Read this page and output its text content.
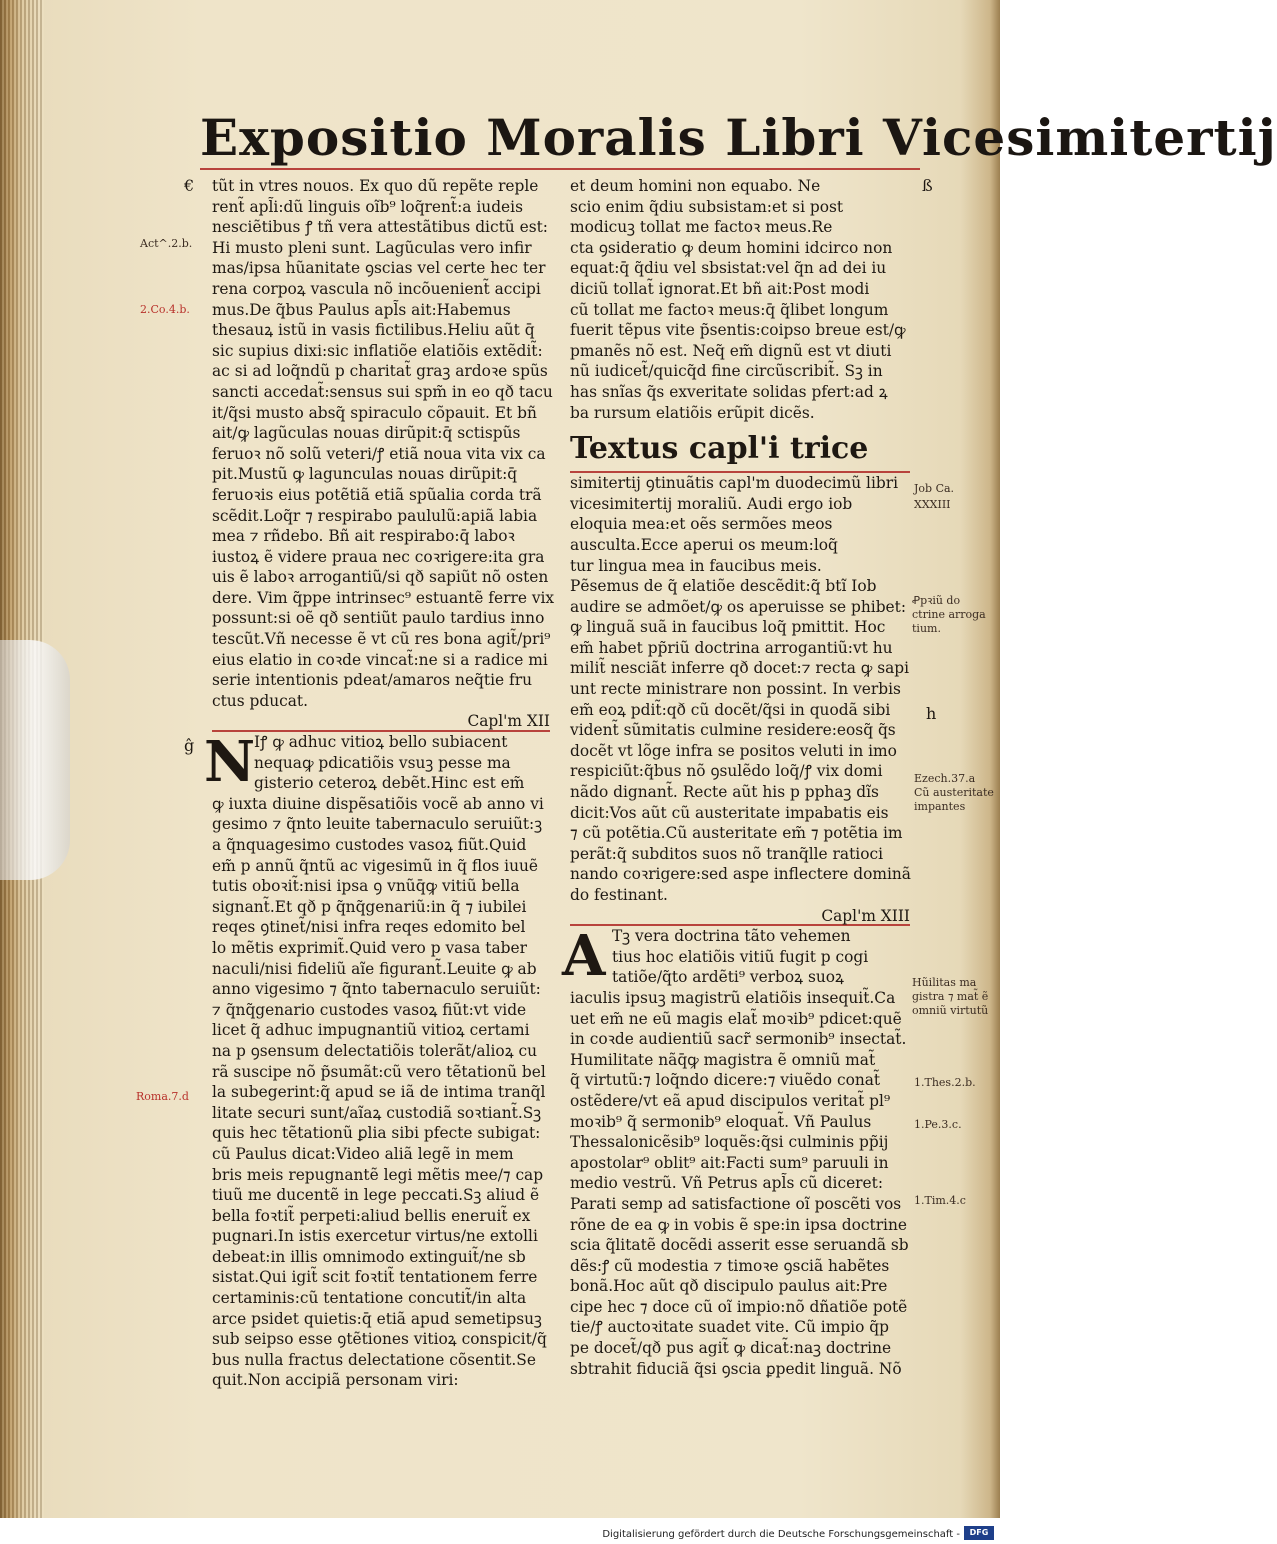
Expositio Moralis Libri Vicesimitertij
tũt in vtres nouos. Ex quo dũ repẽte reple
rent̃ apl̃i:dũ linguis oĩb⁹ loq̃rent̃:a iudeis
nesciẽtibus ꝭ tñ vera attestãtibus dictũ est:
Hi musto pleni sunt. Lagũculas vero infir
mas/ipsa hũanitate ꝯscias vel certe hec ter
rena corpoꝝ vascula nõ incõuenient̃ accipi
mus.De q̃bus Paulus apl̃s ait:Habemus
thesauꝝ istũ in vasis fictilibus.Heliu aũt q̄
sic supius dixi:sic inflatiõe elatiõis extẽdit̃:
ac si ad loq̃ndũ p charitat̃ graꝫ ardoꝛe spũs
sancti accedat̃:sensus sui spm̃ in eo qð tacu
it/q̃si musto absq̃ spiraculo cõpauit. Et bñ
ait/ꝙ lagũculas nouas dirũpit:q̄ sctispũs
feruoꝛ nõ solũ veteri/ꝭ etiã noua vita vix ca
pit.Mustũ ꝙ lagunculas nouas dirũpit:q̄
feruoꝛis eius potẽtiã etiã spũalia corda trã
scẽdit.Loq̃r ⁊ respirabo paululũ:apiã labia
mea ⁊ rñdebo. Bñ ait respirabo:q̄ laboꝛ
iustoꝝ ẽ videre praua nec coꝛrigere:ita gra
uis ẽ laboꝛ arrogantiũ/si qð sapiũt nõ osten
dere. Vim q̃ppe intrinsec⁹ estuantẽ ferre vix
possunt:si oẽ qð sentiũt paulo tardius inno
tescũt.Vñ necesse ẽ vt cũ res bona agit̃/pri⁹
eius elatio in coꝛde vincat̃:ne si a radice mi
serie intentionis pdeat/amaros neq̃tie fru
ctus pducat.
Capl'm XII
N
Iꝭ ꝙ adhuc vitioꝝ bello subiacent
nequaꝙ pdicatiõis vsuꝫ pesse ma
gisterio ceteroꝝ debẽt.Hinc est em̃
ꝙ iuxta diuine dispẽsatiõis vocẽ ab anno vi
gesimo ⁊ q̃nto leuite tabernaculo seruiũt:ꝫ
a q̃nquagesimo custodes vasoꝝ fiũt.Quid
em̃ p annũ q̃ntũ ac vigesimũ in q̃ flos iuuẽ
tutis oboꝛit̃:nisi ipsa ꝯ vnũq̄ꝙ vitiũ bella
signant̃.Et qð p q̃nq̃genariũ:in q̃ ⁊ iubilei
reqes ꝯtinet̃/nisi infra reqes edomito bel
lo mẽtis exprimit̃.Quid vero p vasa taber
naculi/nisi fideliũ aĩe figurant̃.Leuite ꝙ ab
anno vigesimo ⁊ q̃nto tabernaculo seruiũt:
⁊ q̃nq̃genario custodes vasoꝝ fiũt:vt vide
licet q̃ adhuc impugnantiũ vitioꝝ certami
na p ꝯsensum delectatiõis tolerãt/alioꝝ cu
rã suscipe nõ p̃sumãt:cũ vero tẽtationũ bel
la subegerint:q̃ apud se iã de intima tranq̃l
litate securi sunt/aĩaꝝ custodiã soꝛtiant̃.Sꝫ
quis hec tẽtationũ ꝑlia sibi pfecte subigat:
cũ Paulus dicat:Video aliã legẽ in mem
bris meis repugnantẽ legi mẽtis mee/⁊ cap
tiuũ me ducentẽ in lege peccati.Sꝫ aliud ẽ
bella foꝛtit̃ perpeti:aliud bellis eneruit̃ ex
pugnari.In istis exercetur virtus/ne extolli
debeat:in illis omnimodo extinguit̃/ne sb
sistat.Qui igit̃ scit foꝛtit̃ tentationem ferre
certaminis:cũ tentatione concutit̃/in alta
arce psidet quietis:q̄ etiã apud semetipsuꝫ
sub seipso esse ꝯtẽtiones vitioꝝ conspicit/q̃
bus nulla fractus delectatione cõsentit.Se
quit.Non accipiã personam viri:
et deum homini non equabo. Ne
scio enim q̃diu subsistam:et si post
modicuꝫ tollat me factoꝛ meus.Re
cta ꝯsideratio ꝙ deum homini idcirco non
equat:q̄ q̃diu vel sbsistat:vel q̃n ad dei iu
diciũ tollat̃ ignorat.Et bñ ait:Post modi
cũ tollat me factoꝛ meus:q̄ q̃libet longum
fuerit tẽpus vite p̃sentis:coipso breue est/ꝙ
pmanẽs nõ est. Neq̃ em̃ dignũ est vt diuti
nũ iudicet̃/quicq̃d fine circũscribit̃. Sꝫ in
has snĩas q̃s exveritate solidas pfert:ad ꝝ
ba rursum elatiõis erũpit dicẽs.
Textus capl'i trice
simitertij ꝯtinuãtis capl'm duodecimũ libri
vicesimitertij moraliũ. Audi ergo iob
eloquia mea:et oẽs sermões meos
ausculta.Ecce aperui os meum:loq̃
tur lingua mea in faucibus meis.
Pẽsemus de q̃ elatiõe descẽdit:q̃ btĩ Iob
audire se admõet/ꝙ os aperuisse se phibet:
ꝙ linguã suã in faucibus loq̃ pmittit. Hoc
em̃ habet pp̃riũ doctrina arrogantiũ:vt hu
milit̃ nesciãt inferre qð docet:⁊ recta ꝙ sapi
unt recte ministrare non possint. In verbis
em̃ eoꝝ pdit̃:qð cũ docẽt/q̃si in quodã sibi
vident̃ sũmitatis culmine residere:eosq̃ q̃s
docẽt vt lõge infra se positos veluti in imo
respiciũt:q̃bus nõ ꝯsulẽdo loq̃/ꝭ vix domi
nãdo dignant̃. Recte aũt his p pphaꝫ dĩs
dicit:Vos aũt cũ austeritate impabatis eis
⁊ cũ potẽtia.Cũ austeritate em̃ ⁊ potẽtia im
perãt:q̃ subditos suos nõ tranq̃lle ratioci
nando coꝛrigere:sed aspe inflectere dominã
do festinant.
Capl'm XIII
A Tꝫ vera doctrina tãto vehemen
tius hoc elatiõis vitiũ fugit p cogi
tatiõe/q̃to ardẽti⁹ verboꝝ suoꝝ
iaculis ipsuꝫ magistrũ elatiõis insequit̃.Ca
uet em̃ ne eũ magis elat̃ moꝛib⁹ pdicet:quẽ
in coꝛde audientiũ sacr̃ sermonib⁹ insectat̃.
Humilitate nãq̄ꝙ magistra ẽ omniũ mat̃
q̃ virtutũ:⁊ loq̃ndo dicere:⁊ viuẽdo conat̃
ostẽdere/vt eã apud discipulos veritat̃ pl⁹
moꝛib⁹ q̃ sermonib⁹ eloquat̃. Vñ Paulus
Thessalonicẽsib⁹ loquẽs:q̃si culminis pp̃ij
apostolar⁹ oblit⁹ ait:Facti sum⁹ paruuli in
medio vestrũ. Vñ Petrus apl̃s cũ diceret:
Parati semp ad satisfactione oĩ poscẽti vos
rõne de ea ꝙ in vobis ẽ spe:in ipsa doctrine
scia q̃litatẽ docẽdi asserit esse seruandã sb
dẽs:ꝭ cũ modestia ⁊ timoꝛe ꝯsciã habẽtes
bonã.Hoc aũt qð discipulo paulus ait:Pre
cipe hec ⁊ doce cũ oĩ impio:nõ dñatiõe potẽ
tie/ꝭ auctoꝛitate suadet vite. Cũ impio q̃p
pe docet̃/qð pus agit̃ ꝙ dicat̃:naꝫ doctrine
sbtrahit fiduciã q̃si ꝯscia ꝑpedit linguã. Nõ
Act^.2.b.
2.Co.4.b.
Roma.7.d
Job Ca.
XXXIII
Ꝓpꝛiũ do
ctrine arroga
tium.
Ezech.37.a
Cũ austeritate
impantes
Hũilitas ma
gistra ⁊ mat̃ ẽ
omniũ virtutũ
1.Thes.2.b.
1.Pe.3.c.
1.Tim.4.c
€	ß
h
ĝ
Digitalisierung gefördert durch die Deutsche Forschungsgemeinschaft -	DFG
